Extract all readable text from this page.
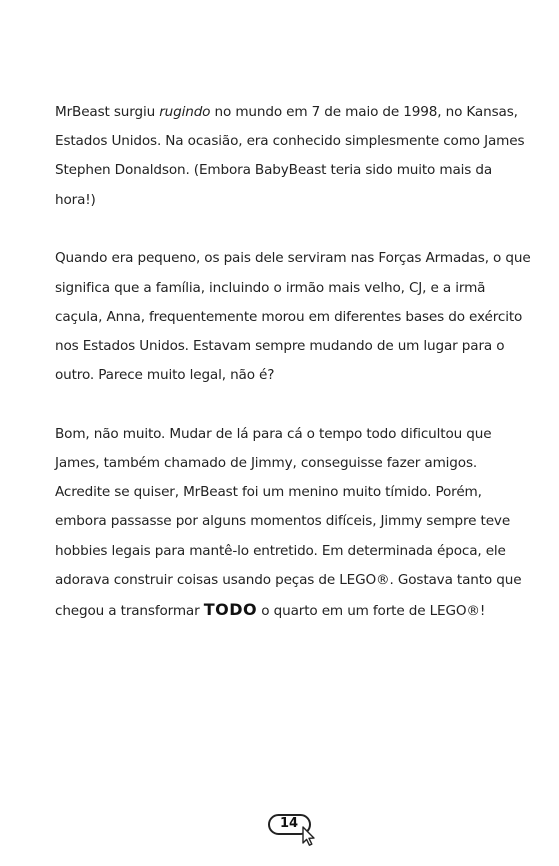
MrBeast surgiu rugindo no mundo em 7 de maio de 1998, no Kansas, Estados Unidos. Na ocasião, era conhecido simplesmente como James Stephen Donaldson. (Embora BabyBeast teria sido muito mais da hora!)

Quando era pequeno, os pais dele serviram nas Forças Armadas, o que significa que a família, incluindo o irmão mais velho, CJ, e a irmã caçula, Anna, frequentemente morou em diferentes bases do exército nos Estados Unidos. Estavam sempre mudando de um lugar para o outro. Parece muito legal, não é?

Bom, não muito. Mudar de lá para cá o tempo todo dificultou que James, também chamado de Jimmy, conseguisse fazer amigos. Acredite se quiser, MrBeast foi um menino muito tímido. Porém, embora passasse por alguns momentos difíceis, Jimmy sempre teve hobbies legais para mantê-lo entretido. Em determinada época, ele adorava construir coisas usando peças de LEGO®. Gostava tanto que chegou a transformar TODO o quarto em um forte de LEGO®!

14
